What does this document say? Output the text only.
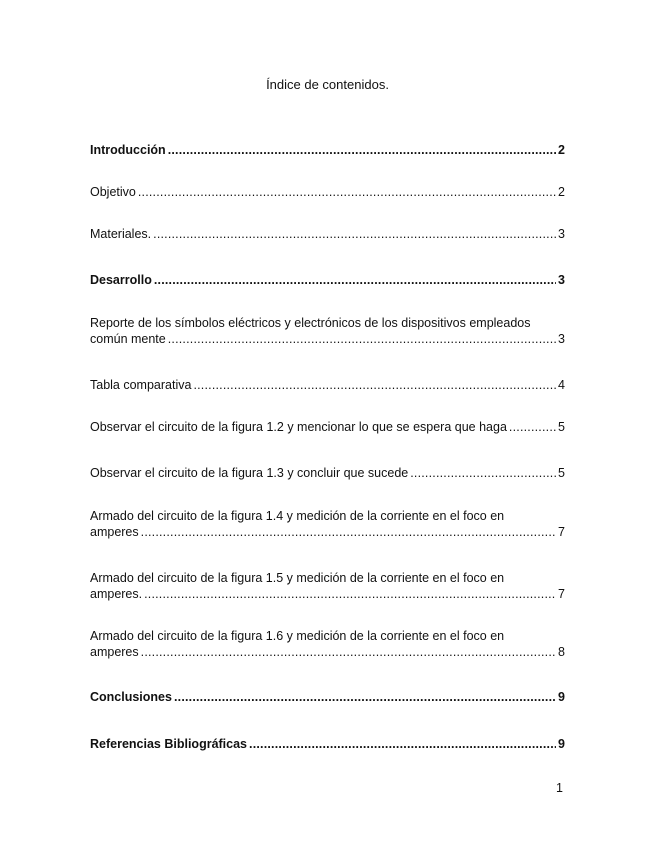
Índice de contenidos.
Introducción .....	2
Objetivo .....	2
Materiales. .....	3
Desarrollo .....	3
Reporte de los símbolos eléctricos y electrónicos de los dispositivos empleados
común mente .....	3
Tabla comparativa .....	4
Observar el circuito de la figura 1.2 y mencionar lo que se espera que haga .....	5
Observar el circuito de la figura 1.3 y concluir que sucede .....	5
Armado del circuito de la figura 1.4 y medición de la corriente en el foco en
amperes .....	7
Armado del circuito de la figura 1.5 y medición de la corriente en el foco en
amperes. .....	7
Armado del circuito de la figura 1.6 y medición de la corriente en el foco en
amperes .....	8
Conclusiones .....	9
Referencias Bibliográficas .....	9
1
